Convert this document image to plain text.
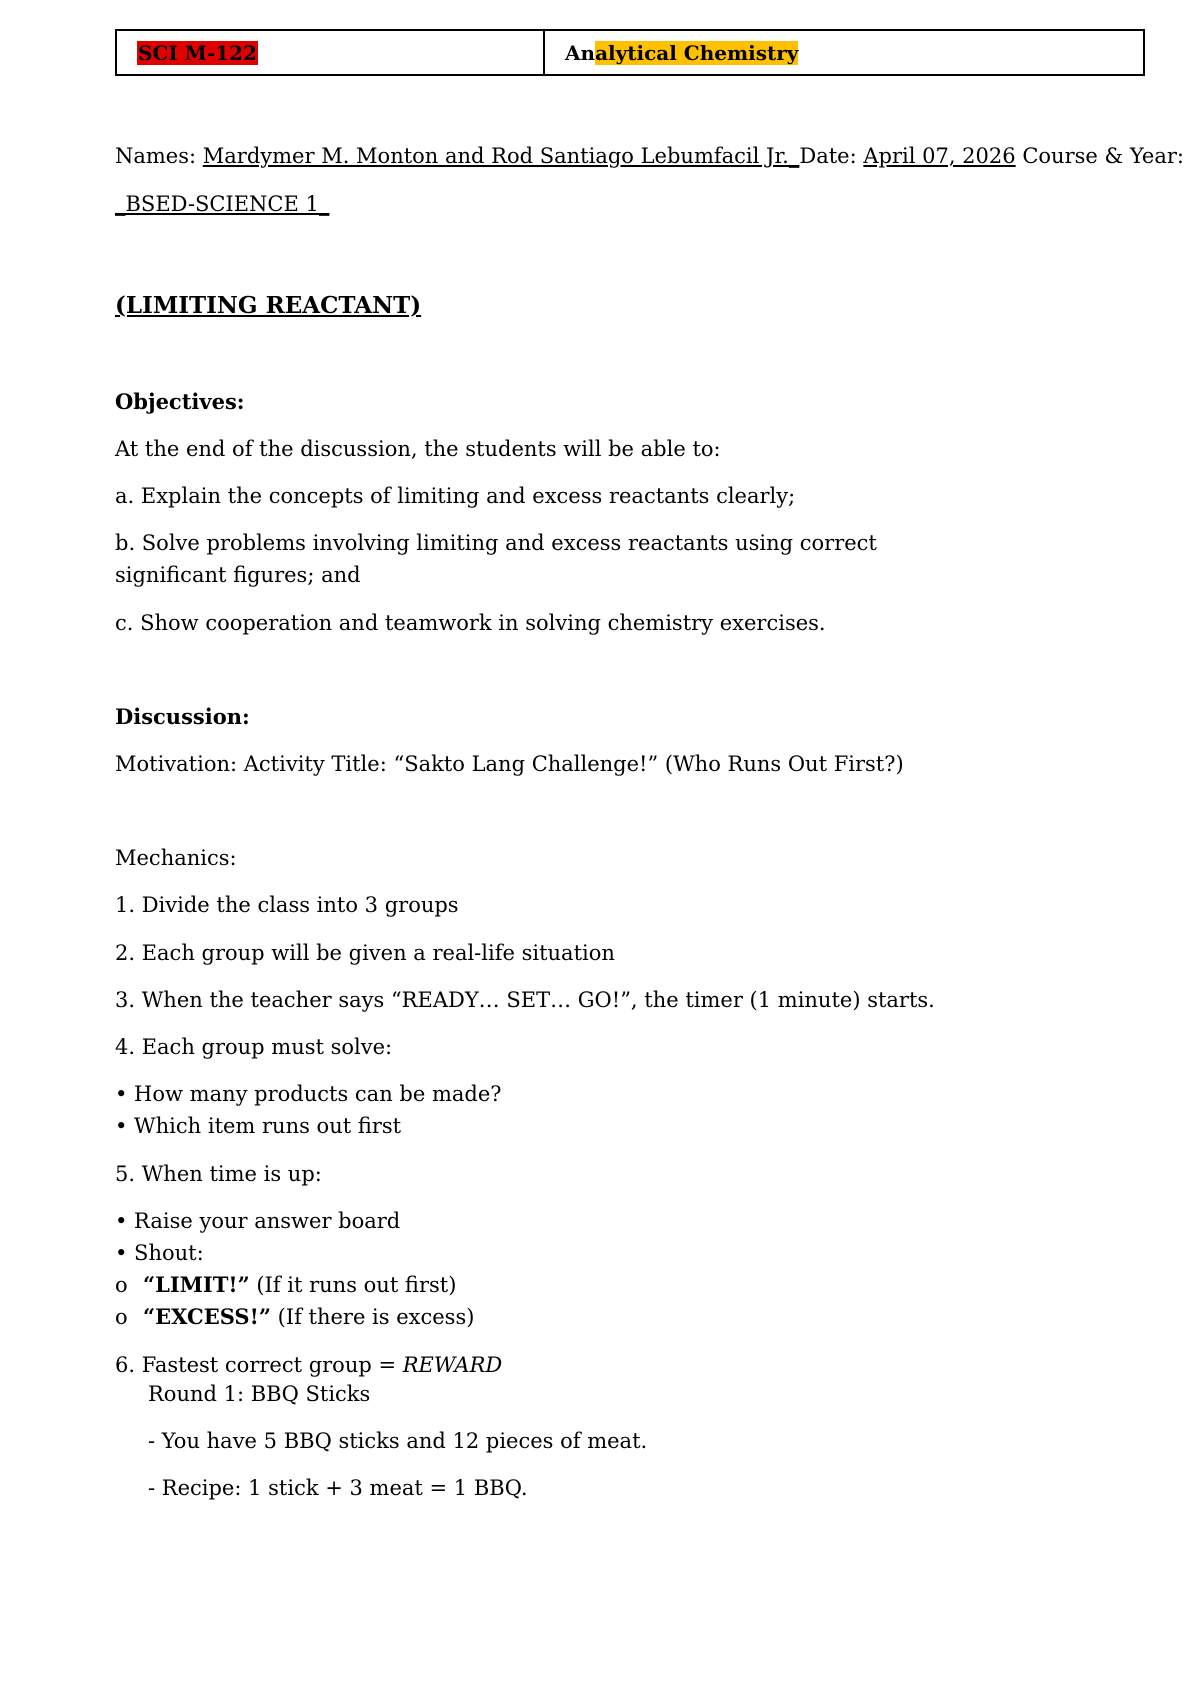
SCI M-122	Analytical Chemistry
Names: Mardymer M. Monton and Rod Santiago Lebumfacil Jr._Date: April 07, 2026 Course & Year:
_BSED-SCIENCE 1_
(LIMITING REACTANT)
Objectives:
At the end of the discussion, the students will be able to:
a. Explain the concepts of limiting and excess reactants clearly;
b. Solve problems involving limiting and excess reactants using correct
significant figures; and
c. Show cooperation and teamwork in solving chemistry exercises.
Discussion:
Motivation: Activity Title: “Sakto Lang Challenge!” (Who Runs Out First?)
Mechanics:
1. Divide the class into 3 groups
2. Each group will be given a real-life situation
3. When the teacher says “READY… SET… GO!”, the timer (1 minute) starts.
4. Each group must solve:
• How many products can be made?
• Which item runs out first
5. When time is up:
• Raise your answer board
• Shout:
o “LIMIT!” (If it runs out first)
o “EXCESS!” (If there is excess)
6. Fastest correct group = REWARD
Round 1: BBQ Sticks
- You have 5 BBQ sticks and 12 pieces of meat.
- Recipe: 1 stick + 3 meat = 1 BBQ.
